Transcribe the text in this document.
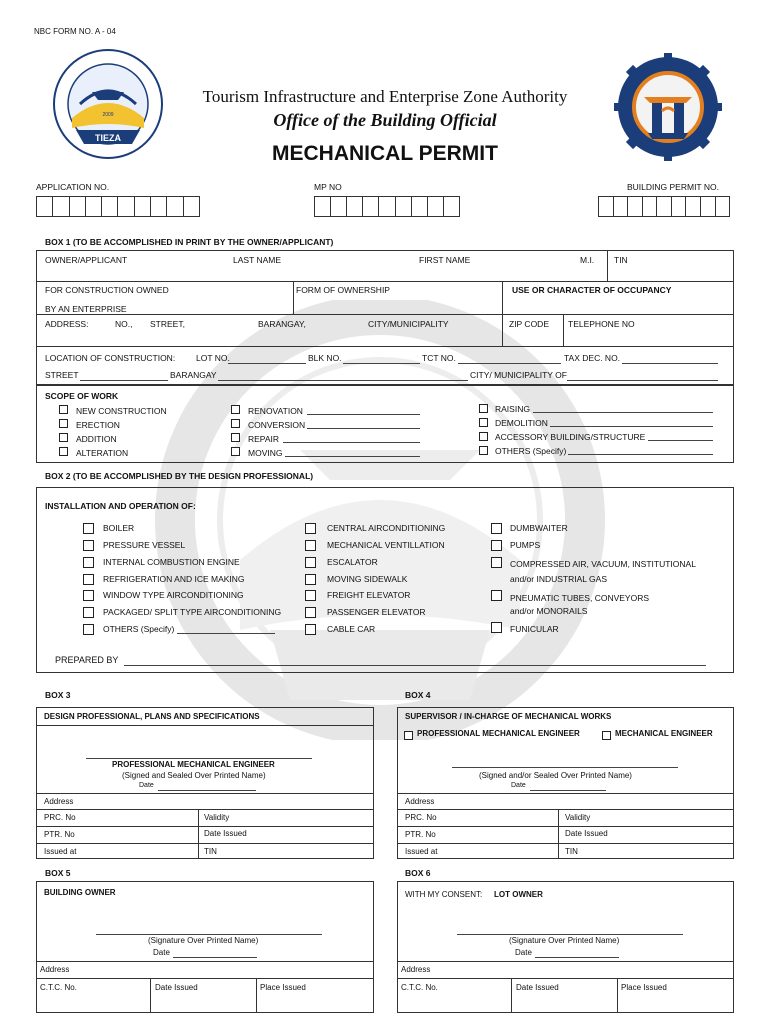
NBC FORM NO. A - 04
TIEZA
2009
Tourism Infrastructure and Enterprise Zone Authority
Office of the Building Official
MECHANICAL PERMIT
APPLICATION NO.	MP NO	BUILDING PERMIT NO.
BOX 1 (TO BE ACCOMPLISHED IN PRINT BY THE OWNER/APPLICANT)
OWNER/APPLICANT	LAST NAME	FIRST NAME	M.I. TIN
FOR CONSTRUCTION OWNED
BY AN ENTERPRISE
FORM OF OWNERSHIP	USE OR CHARACTER OF OCCUPANCY
ADDRESS:	NO., STREET,	BARANGAY,	CITY/MUNICIPALITY	ZIP CODE TELEPHONE NO
LOCATION OF CONSTRUCTION: LOT NO.	BLK NO.	TCT NO.	TAX DEC. NO.
STREET	BARANGAY	CITY/ MUNICIPALITY OF
SCOPE OF WORK
NEW CONSTRUCTION
ERECTION
ADDITION
ALTERATION
RENOVATION
CONVERSION
REPAIR
MOVING
RAISING
DEMOLITION
ACCESSORY BUILDING/STRUCTURE
OTHERS (Specify)
BOX 2 (TO BE ACCOMPLISHED BY THE DESIGN PROFESSIONAL)
INSTALLATION AND OPERATION OF:
BOILER
PRESSURE VESSEL
INTERNAL COMBUSTION ENGINE
REFRIGERATION AND ICE MAKING
WINDOW TYPE AIRCONDITIONING
PACKAGED/ SPLIT TYPE AIRCONDITIONING
OTHERS (Specify)
CENTRAL AIRCONDITIONING
MECHANICAL VENTILLATION
ESCALATOR
MOVING SIDEWALK
FREIGHT ELEVATOR
PASSENGER ELEVATOR
CABLE CAR
DUMBWAITER
PUMPS
COMPRESSED AIR, VACUUM, INSTITUTIONAL
and/or INDUSTRIAL GAS
PNEUMATIC TUBES, CONVEYORS
and/or MONORAILS
FUNICULAR
PREPARED BY
BOX 3
DESIGN PROFESSIONAL, PLANS AND SPECIFICATIONS
PROFESSIONAL MECHANICAL ENGINEER
(Signed and Sealed Over Printed Name)
Date
Address
PRC. No	Validity
PTR. No	Date Issued
Issued at	TIN
BOX 4
SUPERVISOR / IN-CHARGE OF MECHANICAL WORKS
PROFESSIONAL MECHANICAL ENGINEER	MECHANICAL ENGINEER
(Signed and/or Sealed Over Printed Name)
Date
Address
PRC. No	Validity
PTR. No	Date Issued
Issued at	TIN
BOX 5
BUILDING OWNER
(Signature Over Printed Name)
Date
Address
C.T.C. No.	Date Issued	Place Issued
BOX 6
WITH MY CONSENT: LOT OWNER
(Signature Over Printed Name)
Date
Address
C.T.C. No.	Date Issued	Place Issued
